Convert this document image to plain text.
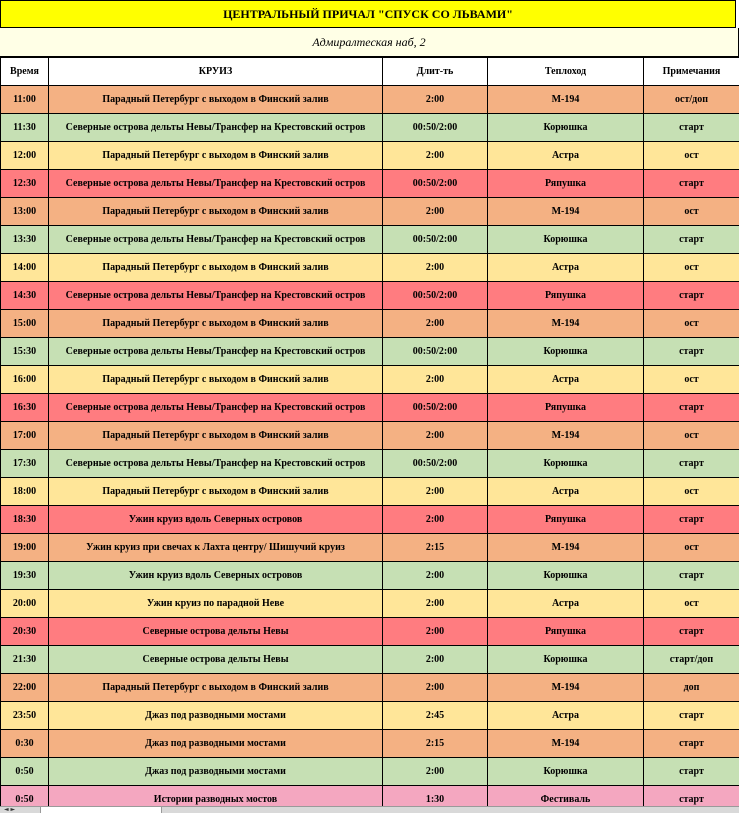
ЦЕНТРАЛЬНЫЙ ПРИЧАЛ "СПУСК СО ЛЬВАМИ"
Адмиралтеская наб, 2
Время	КРУИЗ	Длит-ть	Теплоход	Примечания
11:00	Парадный Петербург с выходом в Финский залив	2:00	М-194	ост/доп
11:30	Северные острова дельты Невы/Трансфер на Крестовский остров	00:50/2:00	Корюшка	старт
12:00	Парадный Петербург с выходом в Финский залив	2:00	Астра	ост
12:30	Северные острова дельты Невы/Трансфер на Крестовский остров	00:50/2:00	Ряпушка	старт
13:00	Парадный Петербург с выходом в Финский залив	2:00	М-194	ост
13:30	Северные острова дельты Невы/Трансфер на Крестовский остров	00:50/2:00	Корюшка	старт
14:00	Парадный Петербург с выходом в Финский залив	2:00	Астра	ост
14:30	Северные острова дельты Невы/Трансфер на Крестовский остров	00:50/2:00	Ряпушка	старт
15:00	Парадный Петербург с выходом в Финский залив	2:00	М-194	ост
15:30	Северные острова дельты Невы/Трансфер на Крестовский остров	00:50/2:00	Корюшка	старт
16:00	Парадный Петербург с выходом в Финский залив	2:00	Астра	ост
16:30	Северные острова дельты Невы/Трансфер на Крестовский остров	00:50/2:00	Ряпушка	старт
17:00	Парадный Петербург с выходом в Финский залив	2:00	М-194	ост
17:30	Северные острова дельты Невы/Трансфер на Крестовский остров	00:50/2:00	Корюшка	старт
18:00	Парадный Петербург с выходом в Финский залив	2:00	Астра	ост
18:30	Ужин круиз вдоль Северных островов	2:00	Ряпушка	старт
19:00	Ужин круиз при свечах к Лахта центру/ Шишучий круиз	2:15	М-194	ост
19:30	Ужин круиз вдоль Северных островов	2:00	Корюшка	старт
20:00	Ужин круиз по парадной Неве	2:00	Астра	ост
20:30	Северные острова дельты Невы	2:00	Ряпушка	старт
21:30	Северные острова дельты Невы	2:00	Корюшка	старт/доп
22:00	Парадный Петербург с выходом в Финский залив	2:00	М-194	доп
23:50	Джаз под разводными мостами	2:45	Астра	старт
0:30	Джаз под разводными мостами	2:15	М-194	старт
0:50	Джаз под разводными мостами	2:00	Корюшка	старт
0:50	Истории разводных мостов	1:30	Фестиваль	старт
◄ ►
